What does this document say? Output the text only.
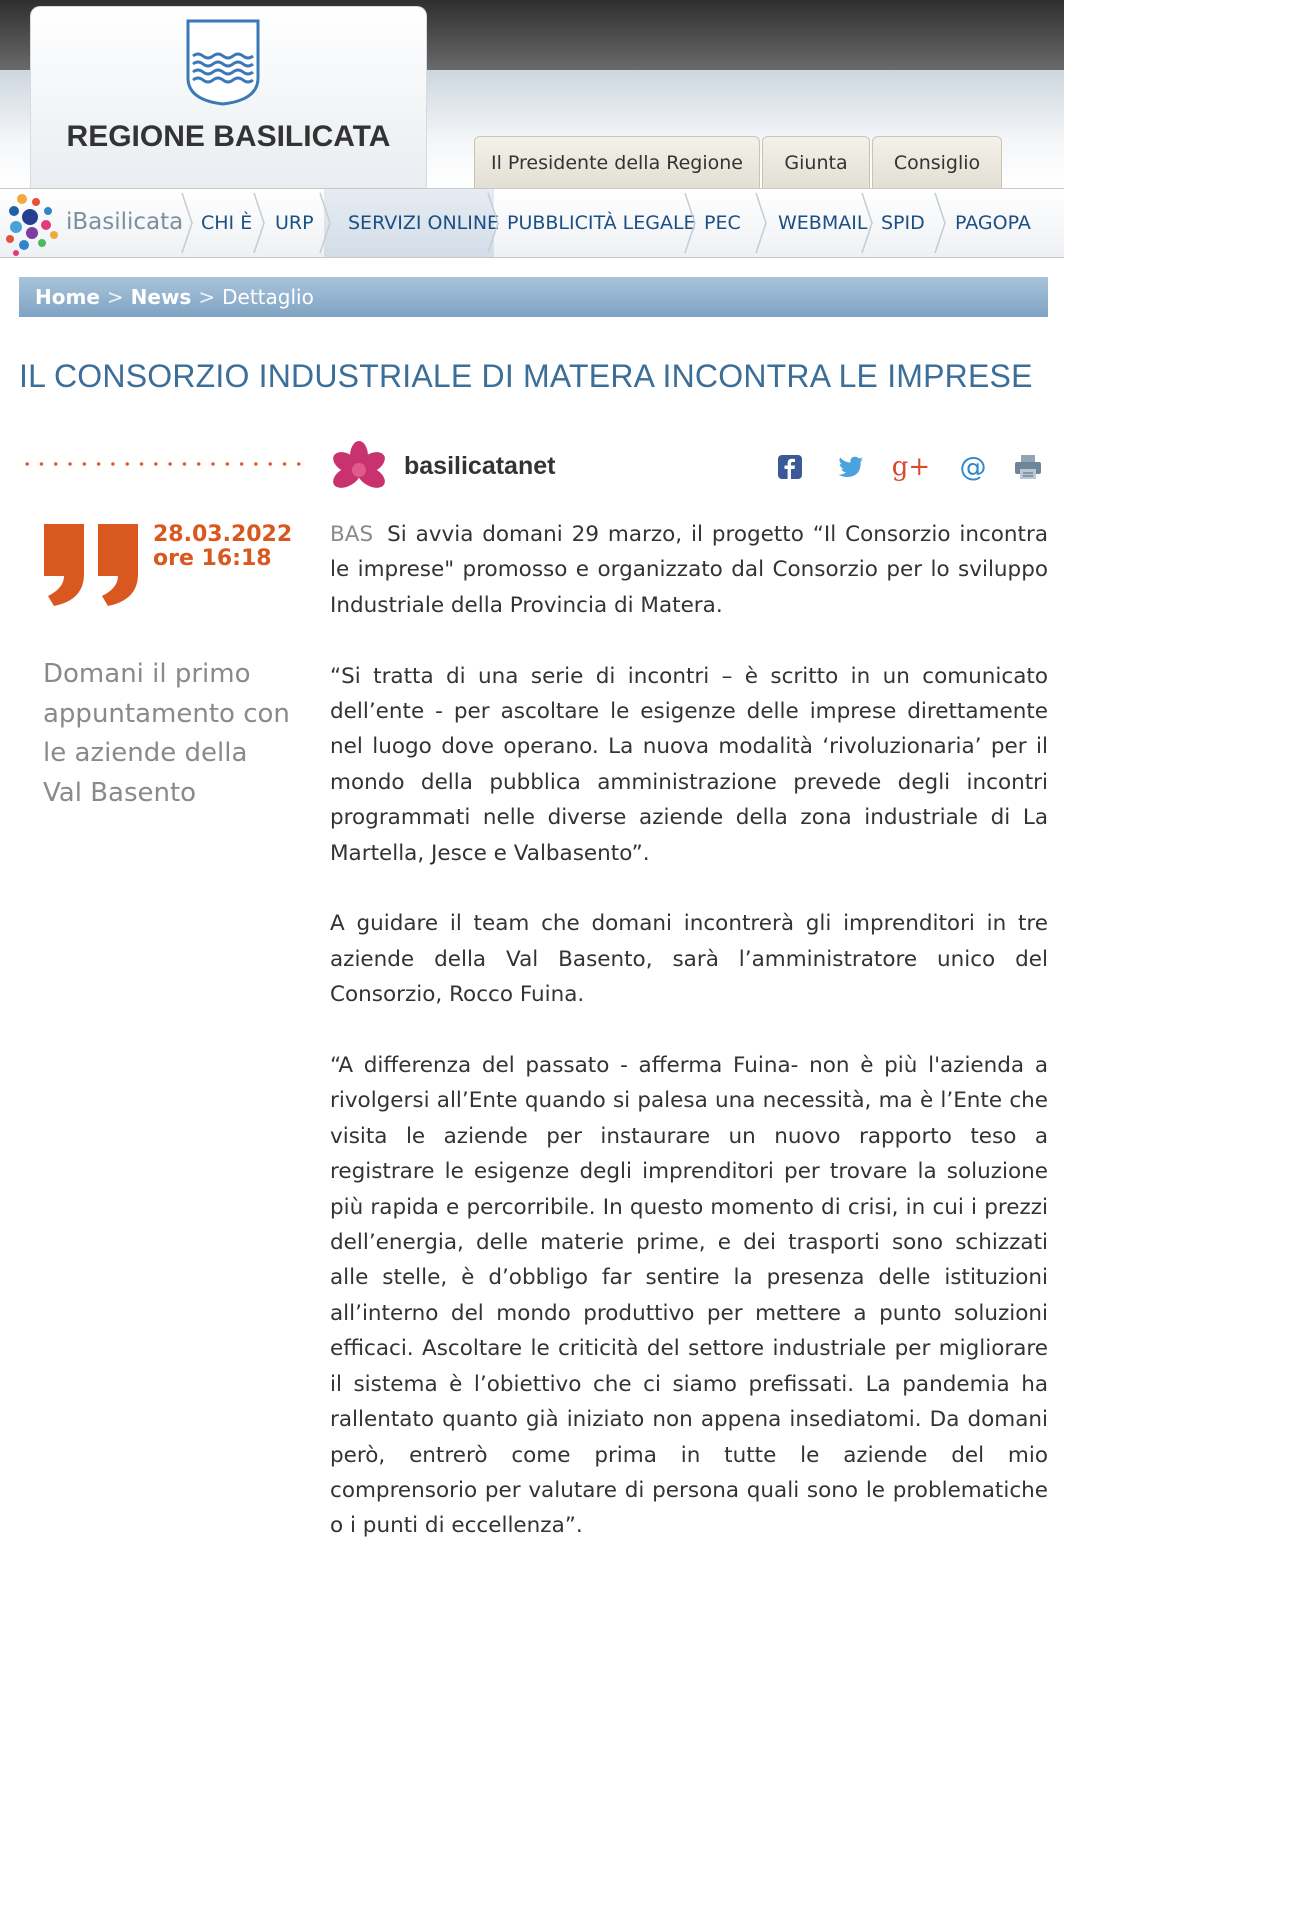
REGIONE BASILICATA
Il Presidente della Regione	Giunta	Consiglio
iBasilicata CHI È URP SERVIZI ONLINE PUBBLICITÀ LEGALE PEC WEBMAIL SPID PAGOPA
Home > News > Dettaglio
IL CONSORZIO INDUSTRIALE DI MATERA INCONTRA LE IMPRESE
28.03.2022
ore 16:18
Domani il primo appuntamento con le aziende della Val Basento
basilicatanet	g+ @

BAS Si avvia domani 29 marzo, il progetto “Il Consorzio incontra le imprese" promosso e organizzato dal Consorzio per lo sviluppo Industriale della Provincia di Matera.

“Si tratta di una serie di incontri – è scritto in un comunicato dell’ente - per ascoltare le esigenze delle imprese direttamente nel luogo dove operano. La nuova modalità ‘rivoluzionaria’ per il mondo della pubblica amministrazione prevede degli incontri programmati nelle diverse aziende della zona industriale di La Martella, Jesce e Valbasento”.

A guidare il team che domani incontrerà gli imprenditori in tre aziende della Val Basento, sarà l’amministratore unico del Consorzio, Rocco Fuina.

“A differenza del passato - afferma Fuina- non è più l'azienda a rivolgersi all’Ente quando si palesa una necessità, ma è l’Ente che visita le aziende per instaurare un nuovo rapporto teso a registrare le esigenze degli imprenditori per trovare la soluzione più rapida e percorribile. In questo momento di crisi, in cui i prezzi dell’energia, delle materie prime, e dei trasporti sono schizzati alle stelle, è d’obbligo far sentire la presenza delle istituzioni all’interno del mondo produttivo per mettere a punto soluzioni efficaci. Ascoltare le criticità del settore industriale per migliorare il sistema è l’obiettivo che ci siamo prefissati. La pandemia ha rallentato quanto già iniziato non appena insediatomi. Da domani però, entrerò come prima in tutte le aziende del mio comprensorio per valutare di persona quali sono le problematiche o i punti di eccellenza”.
